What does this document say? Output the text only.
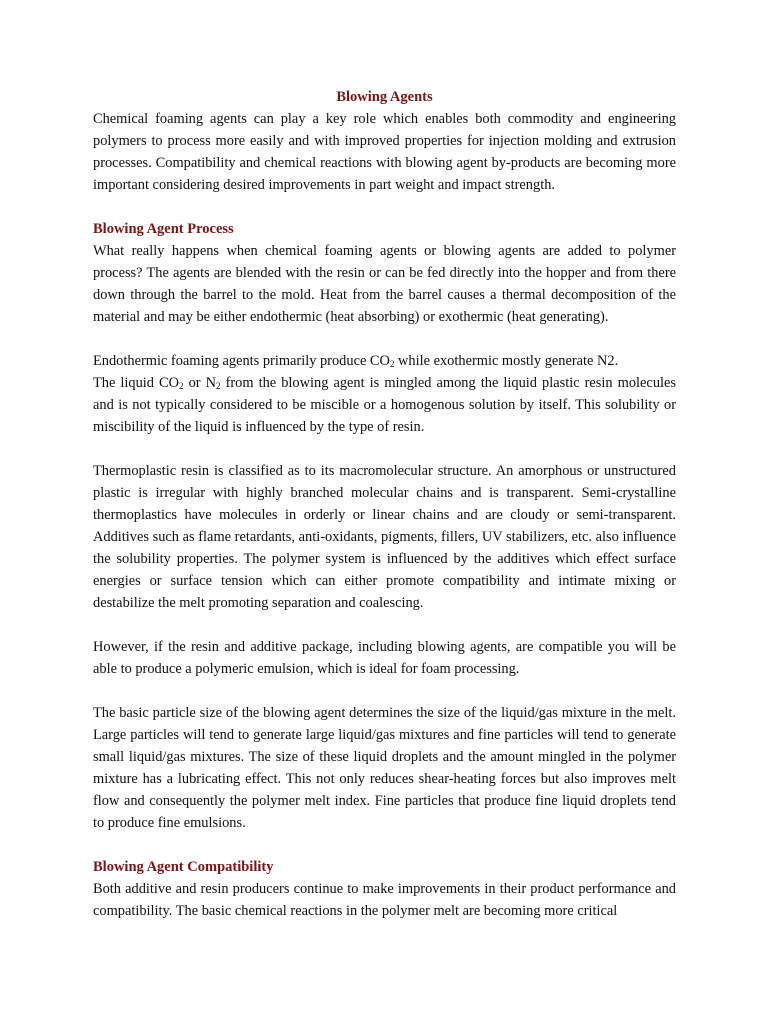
Blowing Agents

Chemical foaming agents can play a key role which enables both commodity and engineering polymers to process more easily and with improved properties for injection molding and extrusion processes. Compatibility and chemical reactions with blowing agent by-products are becoming more important considering desired improvements in part weight and impact strength.

Blowing Agent Process

What really happens when chemical foaming agents or blowing agents are added to polymer process? The agents are blended with the resin or can be fed directly into the hopper and from there down through the barrel to the mold. Heat from the barrel causes a thermal decomposition of the material and may be either endothermic (heat absorbing) or exothermic (heat generating).

Endothermic foaming agents primarily produce $CO_2$ while exothermic mostly generate N2.
The liquid $CO_2$ or $N_2$ from the blowing agent is mingled among the liquid plastic resin molecules and is not typically considered to be miscible or a homogenous solution by itself. This solubility or miscibility of the liquid is influenced by the type of resin.

Thermoplastic resin is classified as to its macromolecular structure. An amorphous or unstructured plastic is irregular with highly branched molecular chains and is transparent. Semi-crystalline thermoplastics have molecules in orderly or linear chains and are cloudy or semi-transparent. Additives such as flame retardants, anti-oxidants, pigments, fillers, UV stabilizers, etc. also influence the solubility properties. The polymer system is influenced by the additives which effect surface energies or surface tension which can either promote compatibility and intimate mixing or destabilize the melt promoting separation and coalescing.

However, if the resin and additive package, including blowing agents, are compatible you will be able to produce a polymeric emulsion, which is ideal for foam processing.

The basic particle size of the blowing agent determines the size of the liquid/gas mixture in the melt. Large particles will tend to generate large liquid/gas mixtures and fine particles will tend to generate small liquid/gas mixtures. The size of these liquid droplets and the amount mingled in the polymer mixture has a lubricating effect. This not only reduces shear-heating forces but also improves melt flow and consequently the polymer melt index. Fine particles that produce fine liquid droplets tend to produce fine emulsions.

Blowing Agent Compatibility

Both additive and resin producers continue to make improvements in their product performance and compatibility. The basic chemical reactions in the polymer melt are becoming more critical
